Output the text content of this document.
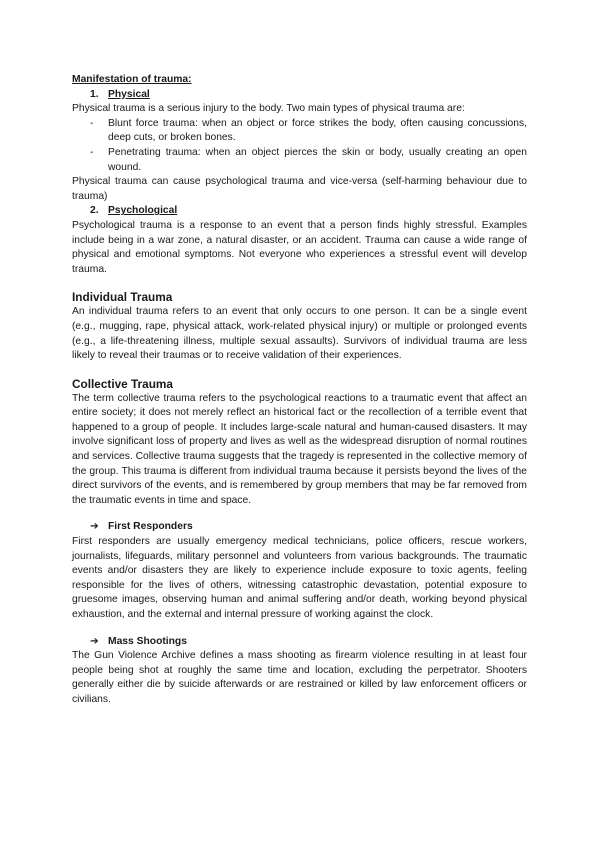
Manifestation of trauma:

1. Physical

Physical trauma is a serious injury to the body. Two main types of physical trauma are:

-	Blunt force trauma: when an object or force strikes the body, often causing concussions, deep cuts, or broken bones.
-	Penetrating trauma: when an object pierces the skin or body, usually creating an open wound.

Physical trauma can cause psychological trauma and vice-versa (self-harming behaviour due to trauma)

2. Psychological

Psychological trauma is a response to an event that a person finds highly stressful. Examples include being in a war zone, a natural disaster, or an accident. Trauma can cause a wide range of physical and emotional symptoms. Not everyone who experiences a stressful event will develop trauma.

Individual Trauma

An individual trauma refers to an event that only occurs to one person. It can be a single event (e.g., mugging, rape, physical attack, work-related physical injury) or multiple or prolonged events (e.g., a life-threatening illness, multiple sexual assaults). Survivors of individual trauma are less likely to reveal their traumas or to receive validation of their experiences.

Collective Trauma

The term collective trauma refers to the psychological reactions to a traumatic event that affect an entire society; it does not merely reflect an historical fact or the recollection of a terrible event that happened to a group of people. It includes large-scale natural and human-caused disasters. It may involve significant loss of property and lives as well as the widespread disruption of normal routines and services. Collective trauma suggests that the tragedy is represented in the collective memory of the group. This trauma is different from individual trauma because it persists beyond the lives of the direct survivors of the events, and is remembered by group members that may be far removed from the traumatic events in time and space.

➔ First Responders

First responders are usually emergency medical technicians, police officers, rescue workers, journalists, lifeguards, military personnel and volunteers from various backgrounds. The traumatic events and/or disasters they are likely to experience include exposure to toxic agents, feeling responsible for the lives of others, witnessing catastrophic devastation, potential exposure to gruesome images, observing human and animal suffering and/or death, working beyond physical exhaustion, and the external and internal pressure of working against the clock.

➔ Mass Shootings

The Gun Violence Archive defines a mass shooting as firearm violence resulting in at least four people being shot at roughly the same time and location, excluding the perpetrator. Shooters generally either die by suicide afterwards or are restrained or killed by law enforcement officers or civilians.
